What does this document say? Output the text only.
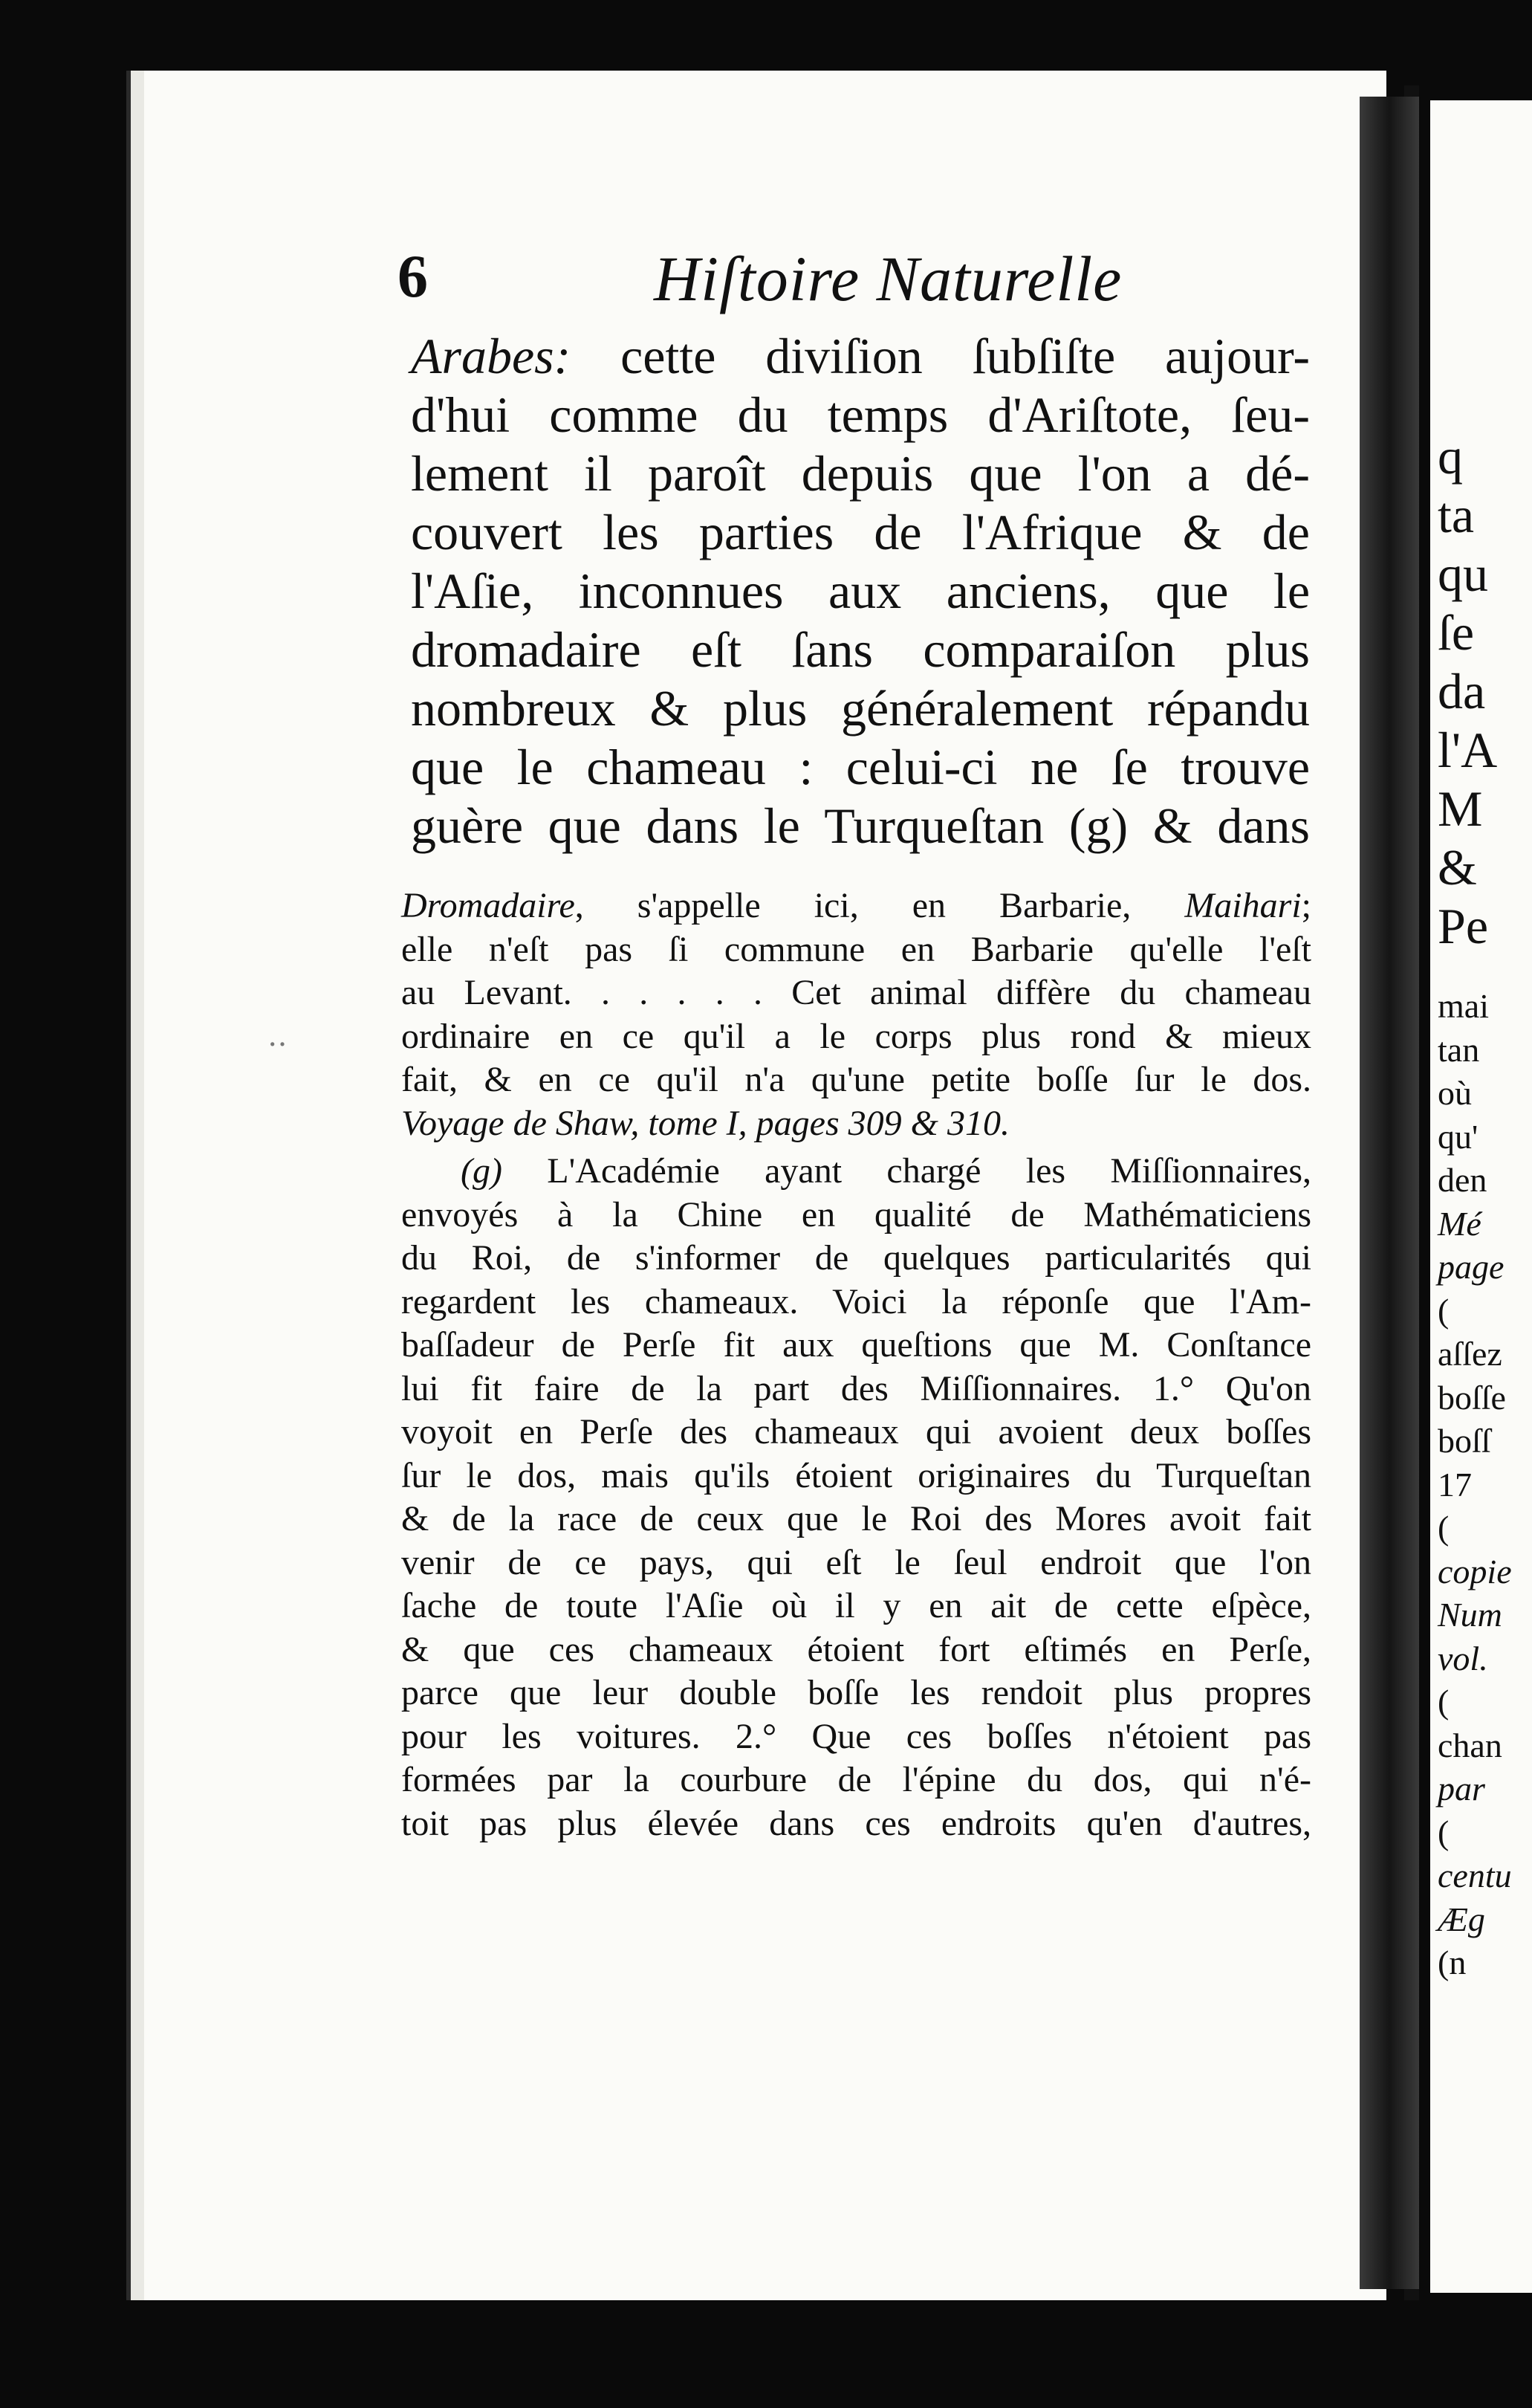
6	Hiſtoire Naturelle
Arabes: cette diviſion ſubſiſte aujour-
d'hui comme du temps d'Ariſtote, ſeu-
lement il paroît depuis que l'on a dé-
couvert les parties de l'Afrique & de
l'Aſie, inconnues aux anciens, que le
dromadaire eſt ſans comparaiſon plus
nombreux & plus généralement répandu
que le chameau : celui-ci ne ſe trouve
guère que dans le Turqueſtan (g) & dans
Dromadaire, s'appelle ici, en Barbarie, Maihari;
elle n'eſt pas ſi commune en Barbarie qu'elle l'eſt
au Levant. . . . . . Cet animal diffère du chameau
ordinaire en ce qu'il a le corps plus rond & mieux
fait, & en ce qu'il n'a qu'une petite boſſe ſur le dos.
Voyage de Shaw, tome I, pages 309 & 310.
(g) L'Académie ayant chargé les Miſſionnaires,
envoyés à la Chine en qualité de Mathématiciens
du Roi, de s'informer de quelques particularités qui
regardent les chameaux. Voici la réponſe que l'Am-
baſſadeur de Perſe fit aux queſtions que M. Conſtance
lui fit faire de la part des Miſſionnaires. 1.° Qu'on
voyoit en Perſe des chameaux qui avoient deux boſſes
ſur le dos, mais qu'ils étoient originaires du Turqueſtan
& de la race de ceux que le Roi des Mores avoit fait
venir de ce pays, qui eſt le ſeul endroit que l'on
ſache de toute l'Aſie où il y en ait de cette eſpèce,
& que ces chameaux étoient fort eſtimés en Perſe,
parce que leur double boſſe les rendoit plus propres
pour les voitures. 2.° Que ces boſſes n'étoient pas
formées par la courbure de l'épine du dos, qui n'é-
toit pas plus élevée dans ces endroits qu'en d'autres,
q
ta
qu
ſe
da
l'A
M
&
Pe
mai
tan
où
qu'
den
Mé
page
(
aſſez
boſſe
boſſ
17
(
copie
Num
vol.
(
chan
par
(
centu
Æg
(n
‥
